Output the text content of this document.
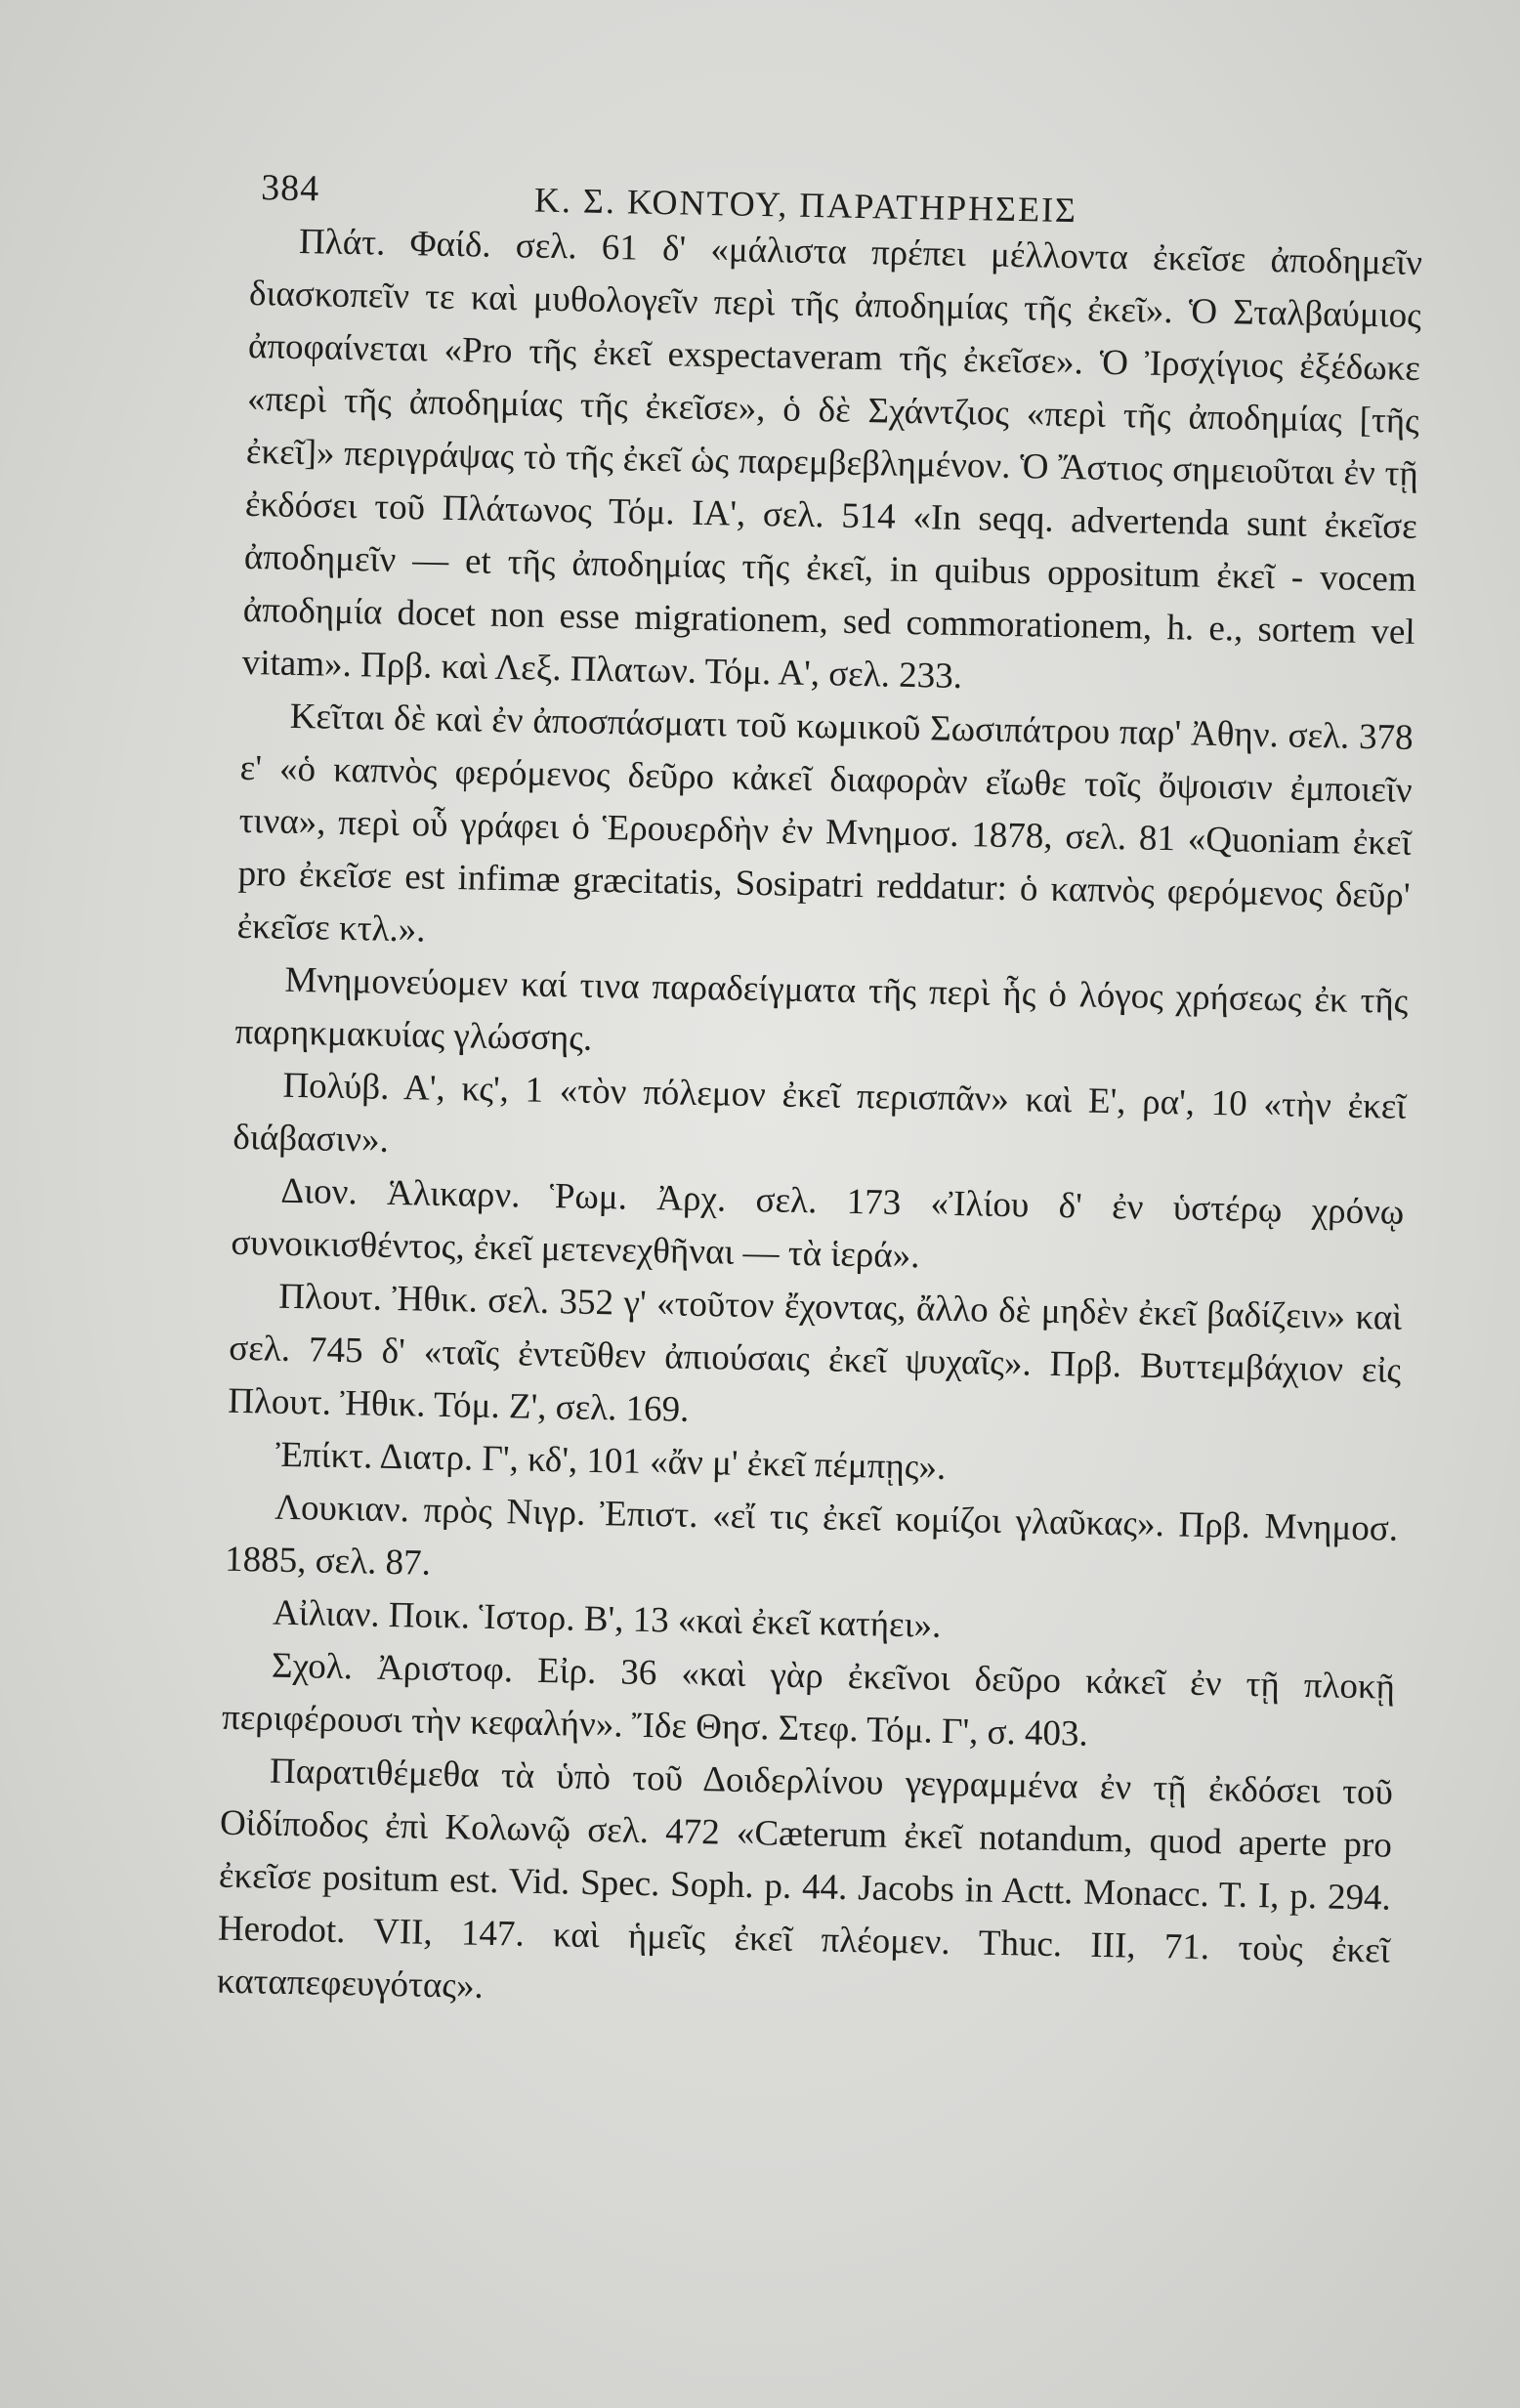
384	Κ. Σ. ΚΟΝΤΟΥ, ΠΑΡΑΤΗΡΗΣΕΙΣ

Πλάτ. Φαίδ. σελ. 61 δ' «μάλιστα πρέπει μέλλοντα ἐκεῖσε ἀποδημεῖν διασκοπεῖν τε καὶ μυθολογεῖν περὶ τῆς ἀποδημίας τῆς ἐκεῖ». Ὁ Σταλβαύμιος ἀποφαίνεται «Pro τῆς ἐκεῖ exspectaveram τῆς ἐκεῖσε». Ὁ Ἰρσχίγιος ἐξέδωκε «περὶ τῆς ἀποδημίας τῆς ἐκεῖσε», ὁ δὲ Σχάντζιος «περὶ τῆς ἀποδημίας [τῆς ἐκεῖ]» περιγράψας τὸ τῆς ἐκεῖ ὡς παρεμβεβλημένον. Ὁ Ἄστιος σημειοῦται ἐν τῇ ἐκδόσει τοῦ Πλάτωνος Τόμ. ΙΑ', σελ. 514 «In seqq. advertenda sunt ἐκεῖσε ἀποδημεῖν — et τῆς ἀποδημίας τῆς ἐκεῖ, in quibus oppositum ἐκεῖ - vocem ἀποδημία docet non esse migrationem, sed commorationem, h. e., sortem vel vitam». Πρβ. καὶ Λεξ. Πλατων. Τόμ. Α', σελ. 233.

Κεῖται δὲ καὶ ἐν ἀποσπάσματι τοῦ κωμικοῦ Σωσιπάτρου παρ' Ἀθην. σελ. 378 ε' «ὁ καπνὸς φερόμενος δεῦρο κἀκεῖ διαφορὰν εἴωθε τοῖς ὄψοισιν ἐμποιεῖν τινα», περὶ οὗ γράφει ὁ Ἑρουερδὴν ἐν Μνημοσ. 1878, σελ. 81 «Quoniam ἐκεῖ pro ἐκεῖσε est infimæ græcitatis, Sosipatri reddatur: ὁ καπνὸς φερόμενος δεῦρ' ἐκεῖσε κτλ.».

Μνημονεύομεν καί τινα παραδείγματα τῆς περὶ ἧς ὁ λόγος χρήσεως ἐκ τῆς παρηκμακυίας γλώσσης.

Πολύβ. Α', κς', 1 «τὸν πόλεμον ἐκεῖ περισπᾶν» καὶ Ε', ρα', 10 «τὴν ἐκεῖ διάβασιν».

Διον. Ἁλικαρν. Ῥωμ. Ἀρχ. σελ. 173 «Ἰλίου δ' ἐν ὑστέρῳ χρόνῳ συνοικισθέντος, ἐκεῖ μετενεχθῆναι — τὰ ἱερά».

Πλουτ. Ἠθικ. σελ. 352 γ' «τοῦτον ἔχοντας, ἄλλο δὲ μηδὲν ἐκεῖ βαδίζειν» καὶ σελ. 745 δ' «ταῖς ἐντεῦθεν ἀπιούσαις ἐκεῖ ψυχαῖς». Πρβ. Βυττεμβάχιον εἰς Πλουτ. Ἠθικ. Τόμ. Ζ', σελ. 169.

Ἐπίκτ. Διατρ. Γ', κδ', 101 «ἄν μ' ἐκεῖ πέμπῃς».

Λουκιαν. πρὸς Νιγρ. Ἐπιστ. «εἴ τις ἐκεῖ κομίζοι γλαῦκας». Πρβ. Μνημοσ. 1885, σελ. 87.

Αἰλιαν. Ποικ. Ἱστορ. Β', 13 «καὶ ἐκεῖ κατήει».

Σχολ. Ἀριστοφ. Εἰρ. 36 «καὶ γὰρ ἐκεῖνοι δεῦρο κἀκεῖ ἐν τῇ πλοκῇ περιφέρουσι τὴν κεφαλήν». Ἴδε Θησ. Στεφ. Τόμ. Γ', σ. 403.

Παρατιθέμεθα τὰ ὑπὸ τοῦ Δοιδερλίνου γεγραμμένα ἐν τῇ ἐκδόσει τοῦ Οἰδίποδος ἐπὶ Κολωνῷ σελ. 472 «Cæterum ἐκεῖ notandum, quod aperte pro ἐκεῖσε positum est. Vid. Spec. Soph. p. 44. Jacobs in Actt. Monacc. T. I, p. 294. Herodot. VII, 147. καὶ ἡμεῖς ἐκεῖ πλέομεν. Thuc. III, 71. τοὺς ἐκεῖ καταπεφευγότας».
